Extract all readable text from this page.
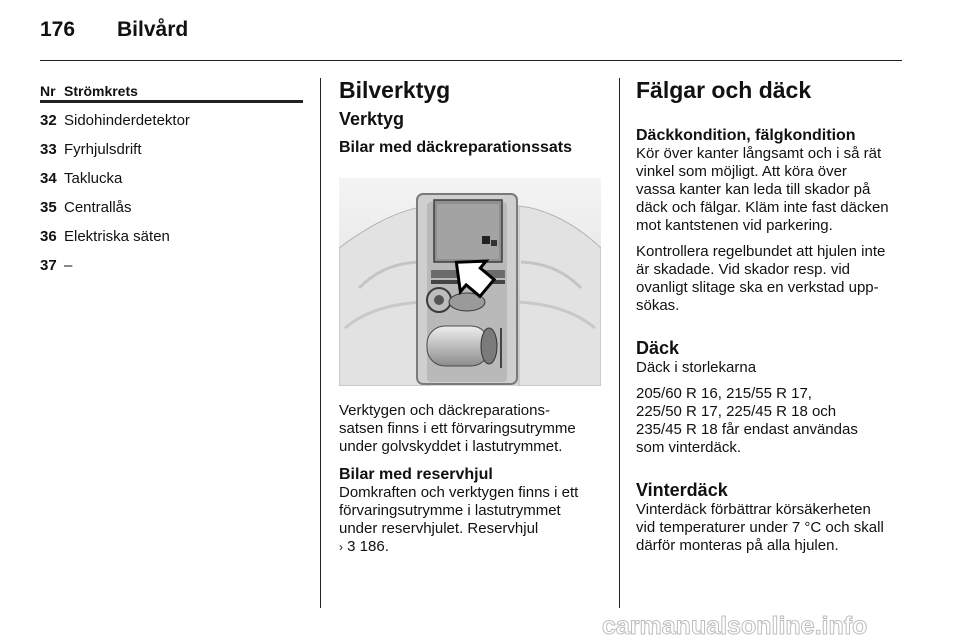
176 Bilvård
Nr Strömkrets
32 Sidohinderdetektor
33 Fyrhjulsdrift
34 Taklucka
35 Centrallås
36 Elektriska säten
37 –
Bilverktyg
Verktyg
Bilar med däckreparationssats

Verktygen och däckreparations-

satsen finns i ett förvaringsutrymme

under golvskyddet i lastutrymmet.

Bilar med reservhjul

Domkraften och verktygen finns i ett

förvaringsutrymme i lastutrymmet

under reservhjulet. Reservhjul

› 3 186.

Fälgar och däck
Däckkondition, fälgkondition

Kör över kanter långsamt och i så rät

vinkel som möjligt. Att köra över

vassa kanter kan leda till skador på

däck och fälgar. Kläm inte fast däcken

mot kantstenen vid parkering.

Kontrollera regelbundet att hjulen inte

är skadade. Vid skador resp. vid

ovanligt slitage ska en verkstad upp-

sökas.

Däck

Däck i storlekarna

205/60 R 16, 215/55 R 17,

225/50 R 17, 225/45 R 18 och

235/45 R 18 får endast användas

som vinterdäck.

Vinterdäck

Vinterdäck förbättrar körsäkerheten

vid temperaturer under 7 °C och skall

därför monteras på alla hjulen.

carmanualsonline.info
